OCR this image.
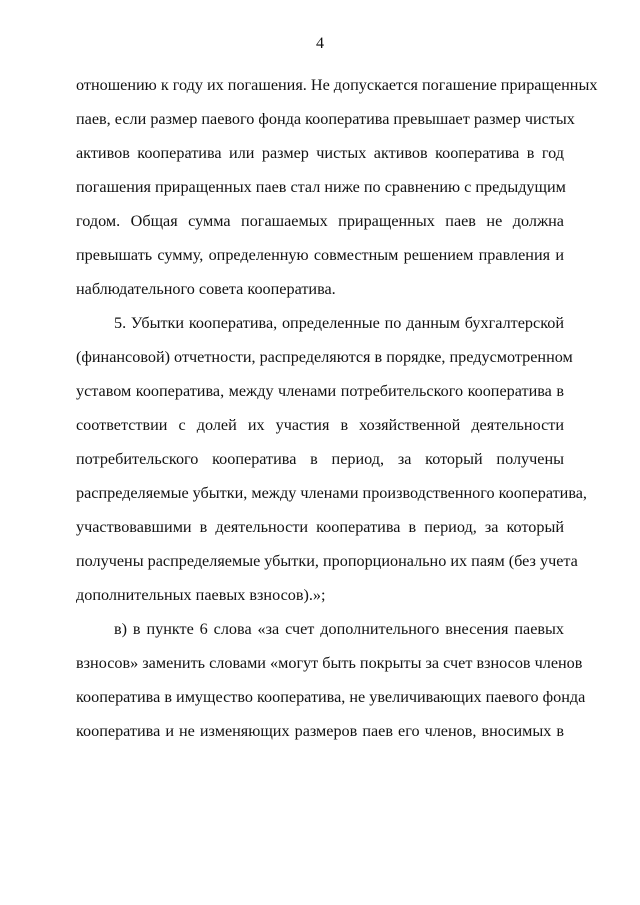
4
отношению к году их погашения. Не допускается погашение приращенных
паев, если размер паевого фонда кооператива превышает размер чистых
активов кооператива или размер чистых активов кооператива в год
погашения приращенных паев стал ниже по сравнению с предыдущим
годом. Общая сумма погашаемых приращенных паев не должна
превышать сумму, определенную совместным решением правления и
наблюдательного совета кооператива.
5. Убытки кооператива, определенные по данным бухгалтерской
(финансовой) отчетности, распределяются в порядке, предусмотренном
уставом кооператива, между членами потребительского кооператива в
соответствии с долей их участия в хозяйственной деятельности
потребительского кооператива в период, за который получены
распределяемые убытки, между членами производственного кооператива,
участвовавшими в деятельности кооператива в период, за который
получены распределяемые убытки, пропорционально их паям (без учета
дополнительных паевых взносов).»;
в) в пункте 6 слова «за счет дополнительного внесения паевых
взносов» заменить словами «могут быть покрыты за счет взносов членов
кооператива в имущество кооператива, не увеличивающих паевого фонда
кооператива и не изменяющих размеров паев его членов, вносимых в
